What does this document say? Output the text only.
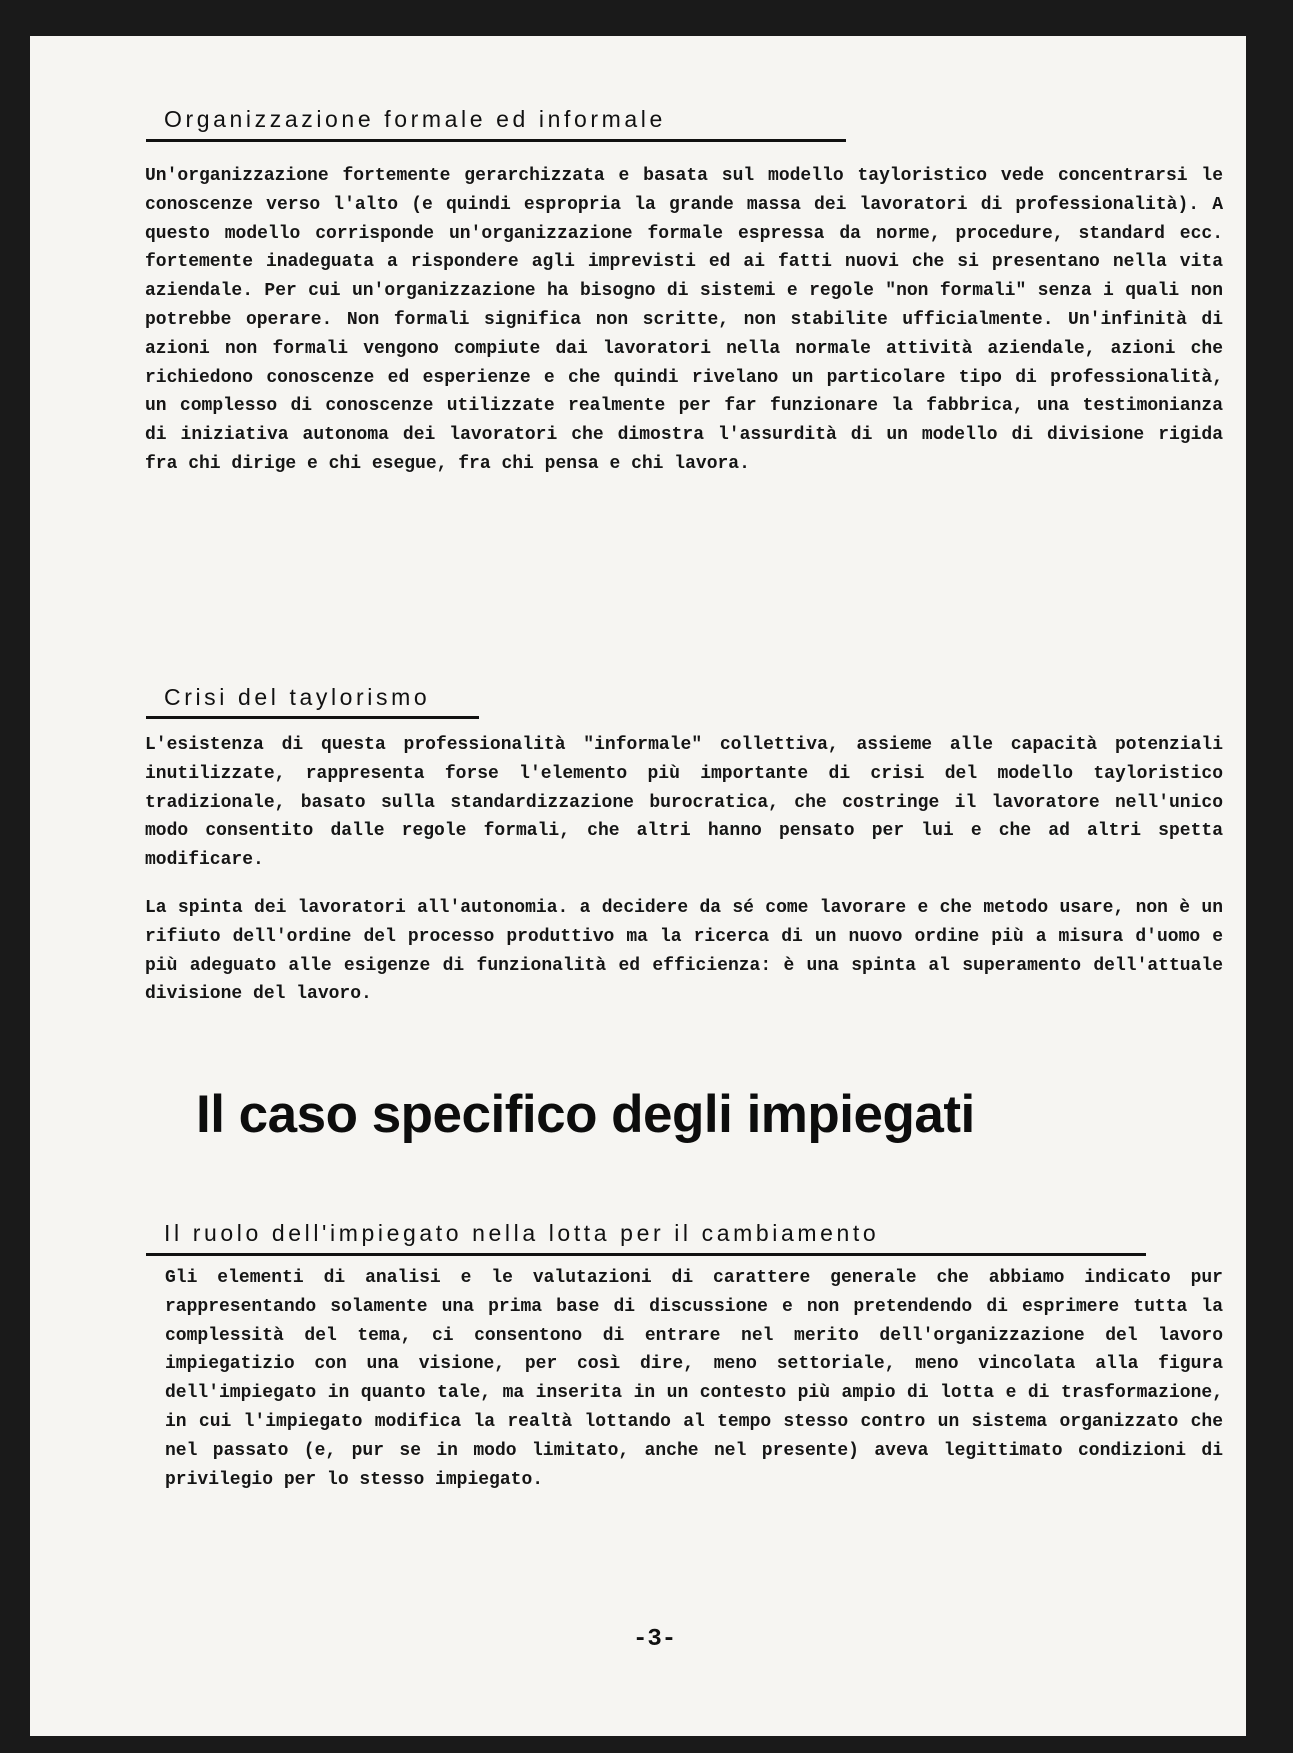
Organizzazione formale ed informale

Un'organizzazione fortemente gerarchizzata e basata sul modello tayloristico vede concentrarsi le conoscenze verso l'alto (e quindi espropria la grande massa dei lavoratori di professionalità). A questo modello corrisponde un'organizzazione formale espressa da norme, procedure, standard ecc. fortemente inadeguata a rispondere agli imprevisti ed ai fatti nuovi che si presentano nella vita aziendale. Per cui un'organizzazione ha bisogno di sistemi e regole "non formali" senza i quali non potrebbe operare. Non formali significa non scritte, non stabilite ufficialmente. Un'infinità di azioni non formali vengono compiute dai lavoratori nella normale attività aziendale, azioni che richiedono conoscenze ed esperienze e che quindi rivelano un particolare tipo di professionalità, un complesso di conoscenze utilizzate realmente per far funzionare la fabbrica, una testimonianza di iniziativa autonoma dei lavoratori che dimostra l'assurdità di un modello di divisione rigida fra chi dirige e chi esegue, fra chi pensa e chi lavora.

Crisi del taylorismo

L'esistenza di questa professionalità "informale" collettiva, assieme alle capacità potenziali inutilizzate, rappresenta forse l'elemento più importante di crisi del modello tayloristico tradizionale, basato sulla standardizzazione burocratica, che costringe il lavoratore nell'unico modo consentito dalle regole formali, che altri hanno pensato per lui e che ad altri spetta modificare.

La spinta dei lavoratori all'autonomia. a decidere da sé come lavorare e che metodo usare, non è un rifiuto dell'ordine del processo produttivo ma la ricerca di un nuovo ordine più a misura d'uomo e più adeguato alle esigenze di funzionalità ed efficienza: è una spinta al superamento dell'attuale divisione del lavoro.

Il caso specifico degli impiegati
Il ruolo dell'impiegato nella lotta per il cambiamento

Gli elementi di analisi e le valutazioni di carattere generale che abbiamo indicato pur rappresentando solamente una prima base di discussione e non pretendendo di esprimere tutta la complessità del tema, ci consentono di entrare nel merito dell'organizzazione del lavoro impiegatizio con una visione, per così dire, meno settoriale, meno vincolata alla figura dell'impiegato in quanto tale, ma inserita in un contesto più ampio di lotta e di trasformazione, in cui l'impiegato modifica la realtà lottando al tempo stesso contro un sistema organizzato che nel passato (e, pur se in modo limitato, anche nel presente) aveva legittimato condizioni di privilegio per lo stesso impiegato.

-3-
